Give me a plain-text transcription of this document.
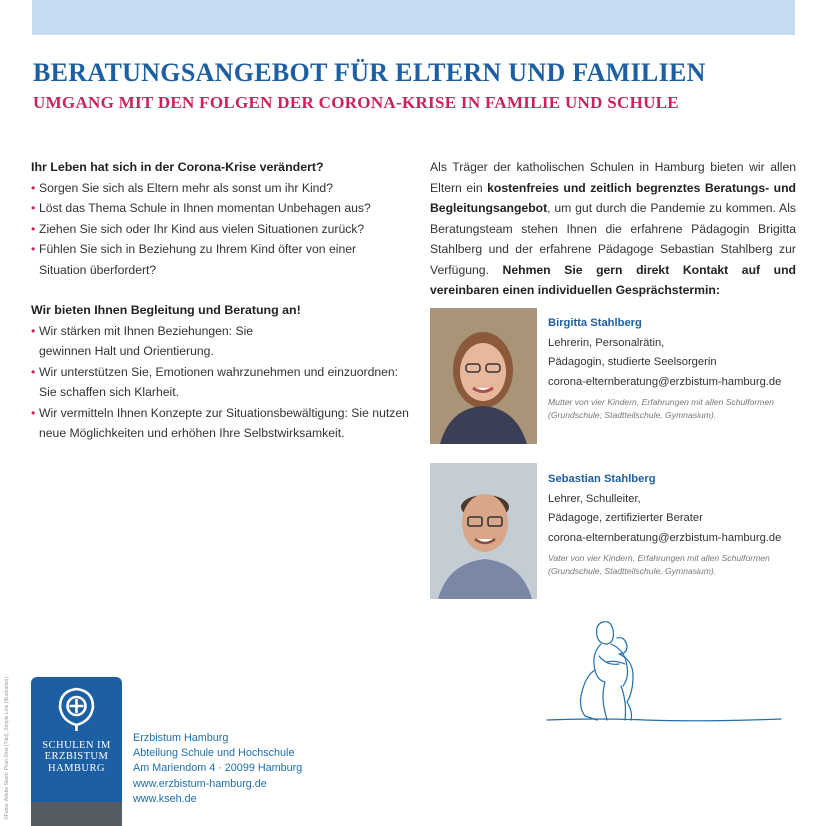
BERATUNGSANGEBOT FÜR ELTERN UND FAMILIEN
UMGANG MIT DEN FOLGEN DER CORONA-KRISE IN FAMILIE UND SCHULE
Ihr Leben hat sich in der Corona-Krise verändert?
• Sorgen Sie sich als Eltern mehr als sonst um ihr Kind?
• Löst das Thema Schule in Ihnen momentan Unbehagen aus?
• Ziehen Sie sich oder Ihr Kind aus vielen Situationen zurück?
• Fühlen Sie sich in Beziehung zu Ihrem Kind öfter von einer Situation überfordert?
Wir bieten Ihnen Begleitung und Beratung an!
• Wir stärken mit Ihnen Beziehungen: Sie gewinnen Halt und Orientierung.
• Wir unterstützen Sie, Emotionen wahrzunehmen und einzuordnen: Sie schaffen sich Klarheit.
• Wir vermitteln Ihnen Konzepte zur Situationsbewältigung: Sie nutzen neue Möglichkeiten und erhöhen Ihre Selbstwirksamkeit.
Als Träger der katholischen Schulen in Hamburg bieten wir allen Eltern ein kostenfreies und zeitlich begrenztes Beratungs- und Begleitungsangebot, um gut durch die Pandemie zu kommen. Als Beratungsteam stehen Ihnen die erfahrene Pädagogin Brigitta Stahlberg und der erfahrene Pädagoge Sebastian Stahlberg zur Verfügung. Nehmen Sie gern direkt Kontakt auf und vereinbaren einen individuellen Gesprächstermin:
Birgitta Stahlberg
Lehrerin, Personalrätin,
Pädagogin, studierte Seelsorgerin
corona-elternberatung@erzbistum-hamburg.de
Mutter von vier Kindern, Erfahrungen mit allen Schulformen
(Grundschule, Stadtteilschule, Gymnasium).
Sebastian Stahlberg
Lehrer, Schulleiter,
Pädagoge, zertifizierter Berater
corona-elternberatung@erzbistum-hamburg.de
Vater von vier Kindern, Erfahrungen mit allen Schulformen
(Grundschule, Stadtteilschule, Gymnasium).
©Fotos: Adobe Stock: Pixel-Shot (Titel), Simple Line (Illustration)	SCHULEN IM
ERZBISTUM
HAMBURG
Erzbistum Hamburg
Abteilung Schule und Hochschule
Am Mariendom 4 · 20099 Hamburg
www.erzbistum-hamburg.de
www.kseh.de
